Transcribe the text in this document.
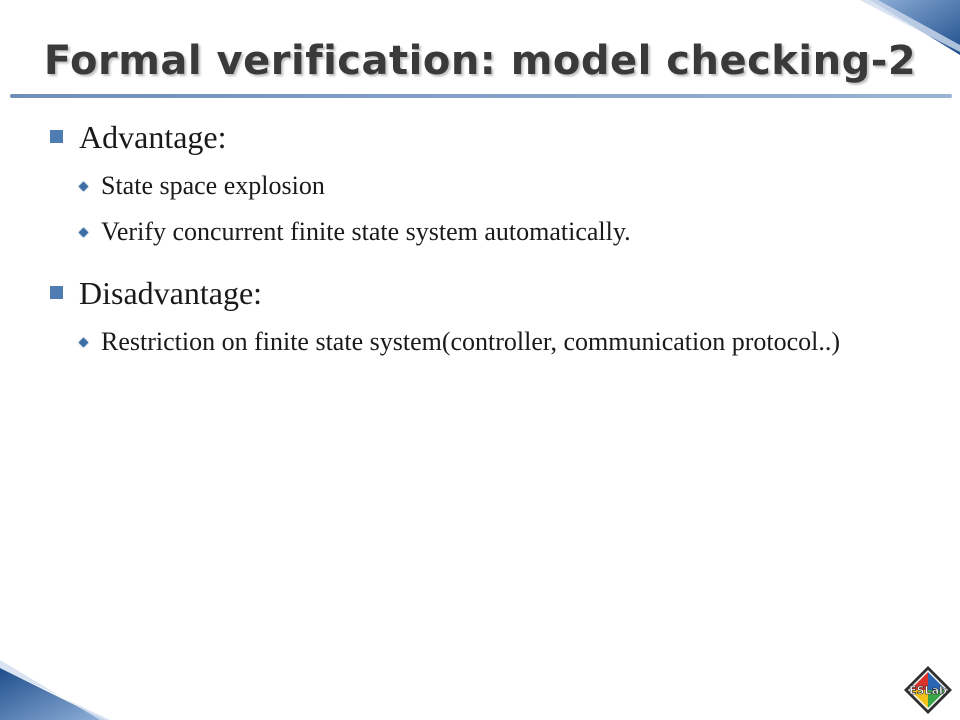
Formal verification: model checking-2
Advantage:
State space explosion
Verify concurrent finite state system automatically.
Disadvantage:
Restriction on finite state system(controller, communication protocol..)
ESLab
